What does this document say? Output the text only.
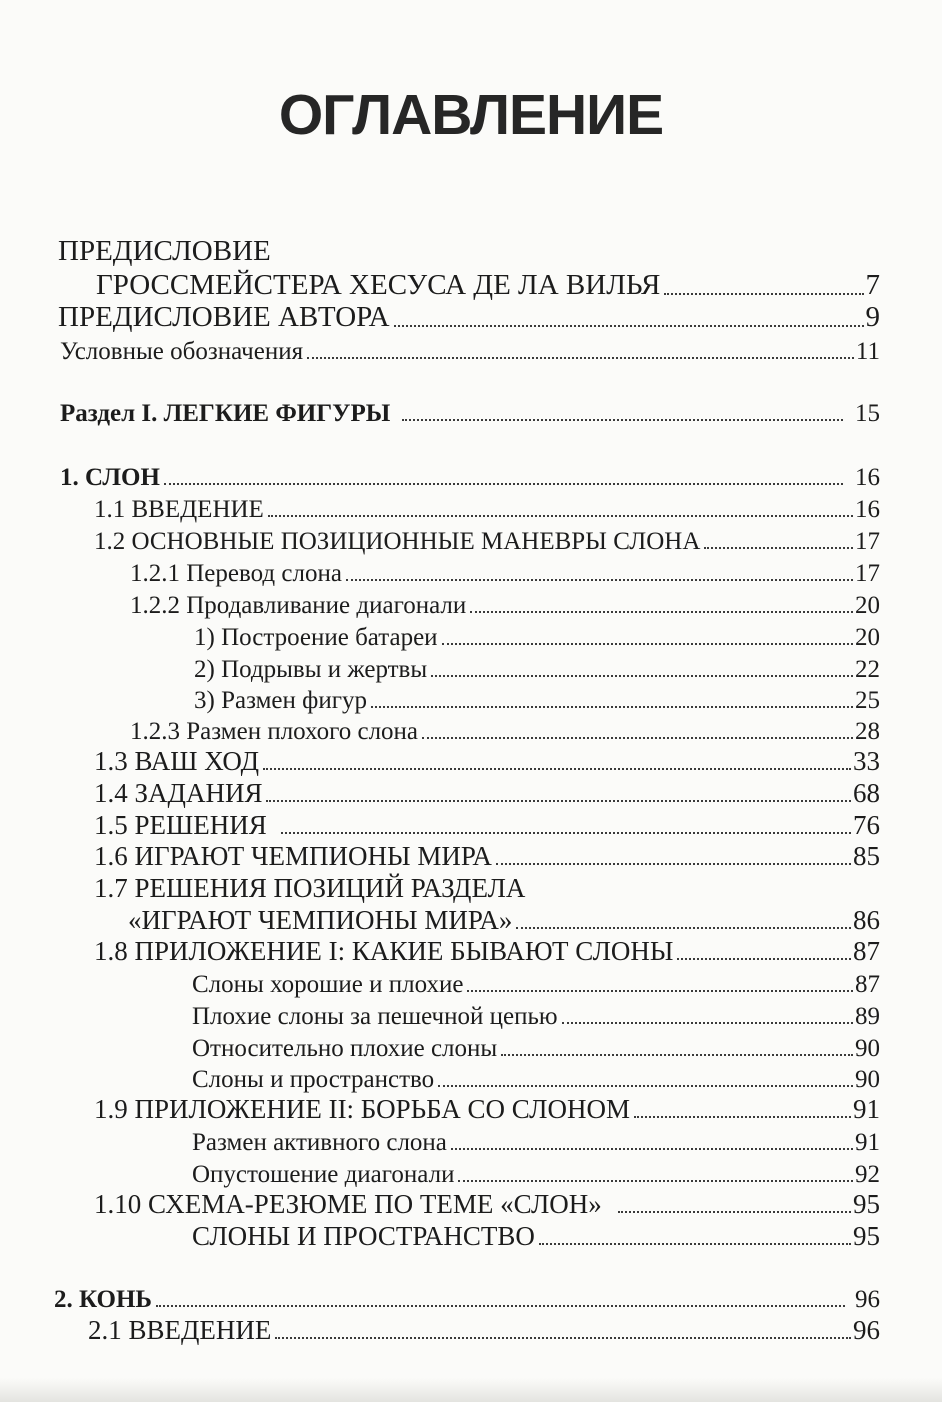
ОГЛАВЛЕНИЕ
ПРЕДИСЛОВИЕ
ГРОССМЕЙСТЕРА ХЕСУСА ДЕ ЛА ВИЛЬЯ	7
ПРЕДИСЛОВИЕ АВТОРА	9
Условные обозначения	11
Раздел I. ЛЕГКИЕ ФИГУРЫ	15
1. СЛОН	16
1.1 ВВЕДЕНИЕ	16
1.2 ОСНОВНЫЕ ПОЗИЦИОННЫЕ МАНЕВРЫ СЛОНА	17
1.2.1 Перевод слона	17
1.2.2 Продавливание диагонали	20
1) Построение батареи	20
2) Подрывы и жертвы	22
3) Размен фигур	25
1.2.3 Размен плохого слона	28
1.3 ВАШ ХОД	33
1.4 ЗАДАНИЯ	68
1.5 РЕШЕНИЯ	76
1.6 ИГРАЮТ ЧЕМПИОНЫ МИРА	85
1.7 РЕШЕНИЯ ПОЗИЦИЙ РАЗДЕЛА
«ИГРАЮТ ЧЕМПИОНЫ МИРА»	86
1.8 ПРИЛОЖЕНИЕ I: КАКИЕ БЫВАЮТ СЛОНЫ	87
Слоны хорошие и плохие	87
Плохие слоны за пешечной цепью	89
Относительно плохие слоны	90
Слоны и пространство	90
1.9 ПРИЛОЖЕНИЕ II: БОРЬБА СО СЛОНОМ	91
Размен активного слона	91
Опустошение диагонали	92
1.10 СХЕМА-РЕЗЮМЕ ПО ТЕМЕ «СЛОН»	95
СЛОНЫ И ПРОСТРАНСТВО	95
2. КОНЬ	96
2.1 ВВЕДЕНИЕ	96
